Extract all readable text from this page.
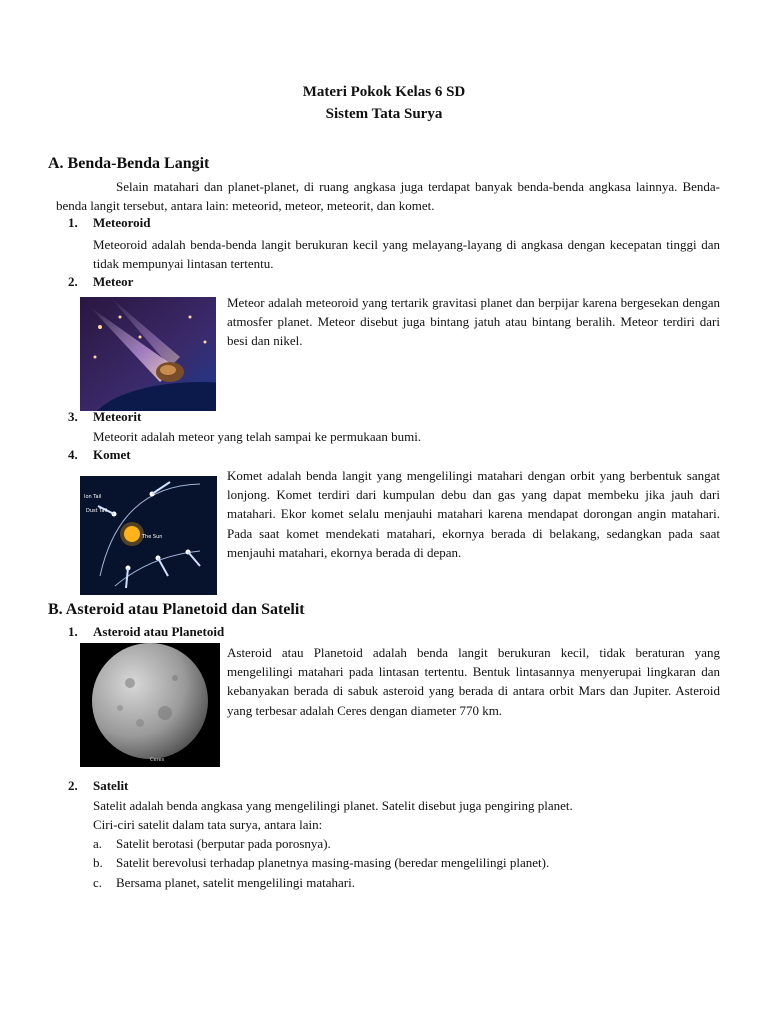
Materi Pokok Kelas 6 SD
Sistem Tata Surya
A. Benda-Benda Langit
Selain matahari dan planet-planet, di ruang angkasa juga terdapat banyak benda-benda angkasa lainnya. Benda-benda langit tersebut, antara lain: meteorid, meteor, meteorit, dan komet.
1. Meteoroid
Meteoroid adalah benda-benda langit berukuran kecil yang melayang-layang di angkasa dengan kecepatan tinggi dan tidak mempunyai lintasan tertentu.
2. Meteor
Meteor adalah meteoroid yang tertarik gravitasi planet dan berpijar karena bergesekan dengan atmosfer planet. Meteor disebut juga bintang jatuh atau bintang beralih. Meteor terdiri dari besi dan nikel.
3. Meteorit
Meteorit adalah meteor yang telah sampai ke permukaan bumi.
4. Komet
Ion Tail
Dust Tail
The Sun
Komet adalah benda langit yang mengelilingi matahari dengan orbit yang berbentuk sangat lonjong. Komet terdiri dari kumpulan debu dan gas yang dapat membeku jika jauh dari matahari. Ekor komet selalu menjauhi matahari karena mendapat dorongan angin matahari. Pada saat komet mendekati matahari, ekornya berada di belakang, sedangkan pada saat menjauhi matahari, ekornya berada di depan.
B. Asteroid atau Planetoid dan Satelit
1. Asteroid atau Planetoid
Ceres
Asteroid atau Planetoid adalah benda langit berukuran kecil, tidak beraturan yang mengelilingi matahari pada lintasan tertentu. Bentuk lintasannya menyerupai lingkaran dan kebanyakan berada di sabuk asteroid yang berada di antara orbit Mars dan Jupiter. Asteroid yang terbesar adalah Ceres dengan diameter 770 km.
2. Satelit
Satelit adalah benda angkasa yang mengelilingi planet. Satelit disebut juga pengiring planet.
Ciri-ciri satelit dalam tata surya, antara lain:
a. Satelit berotasi (berputar pada porosnya).
b. Satelit berevolusi terhadap planetnya masing-masing (beredar mengelilingi planet).
c. Bersama planet, satelit mengelilingi matahari.
